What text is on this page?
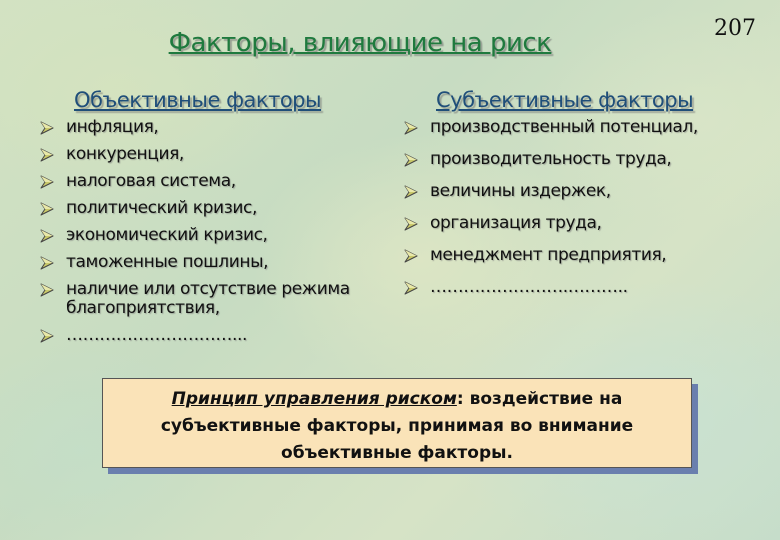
Факторы, влияющие на риск	207
Объективные факторы
инфляция,
конкуренция,
налоговая система,
политический кризис,
экономический кризис,
таможенные пошлины,
наличие или отсутствие режима благоприятствия,
…………………………...
Субъективные факторы
производственный потенциал,
производительность труда,
величины издержек,
организация труда,
менеджмент предприятия,
…………………….………..
Принцип управления риском: воздействие на субъективные факторы, принимая во внимание объективные факторы.
